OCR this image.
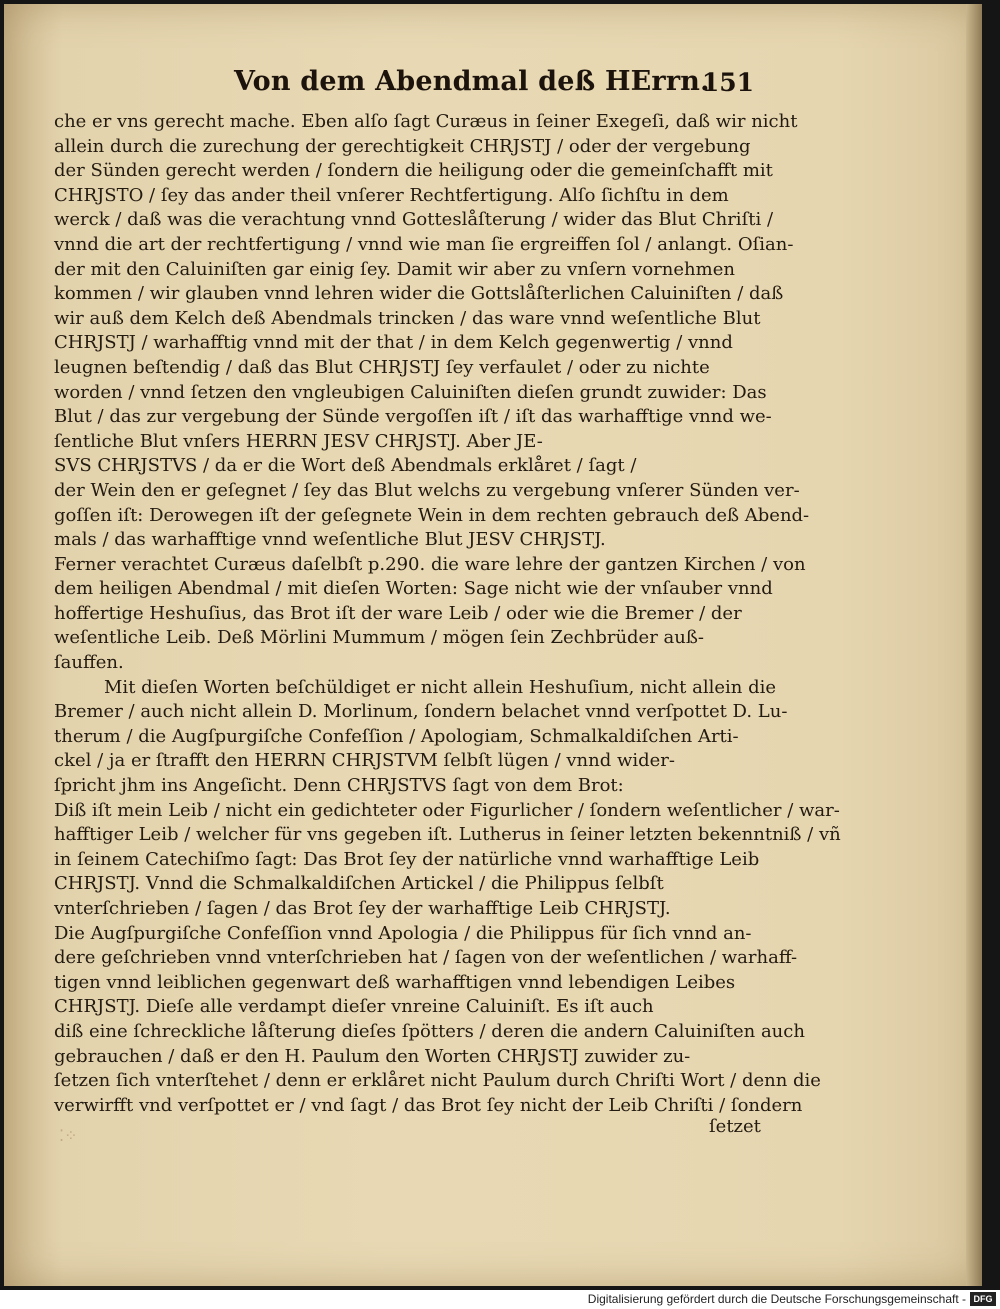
Von dem Abendmal deß HErrn.
151
che er vns gerecht mache. Eben alſo ſagt Curæus in ſeiner Exegeſi, daß wir nicht
allein durch die zurechung der gerechtigkeit CHRJSTJ / oder der vergebung
der Sünden gerecht werden / ſondern die heiligung oder die gemeinſchafft mit
CHRJSTO / ſey das ander theil vnſerer Rechtfertigung. Alſo ſichſtu in dem
werck / daß was die verachtung vnnd Gotteslåſterung / wider das Blut Chriſti /
vnnd die art der rechtfertigung / vnnd wie man ſie ergreiffen ſol / anlangt. Oſian-
der mit den Caluiniſten gar einig ſey. Damit wir aber zu vnſern vornehmen
kommen / wir glauben vnnd lehren wider die Gottslåſterlichen Caluiniſten / daß
wir auß dem Kelch deß Abendmals trincken / das ware vnnd weſentliche Blut
CHRJSTJ / warhafftig vnnd mit der that / in dem Kelch gegenwertig / vnnd
leugnen beſtendig / daß das Blut CHRJSTJ ſey verfaulet / oder zu nichte
worden / vnnd ſetzen den vngleubigen Caluiniſten dieſen grundt zuwider: Das
Blut / das zur vergebung der Sünde vergoſſen iſt / iſt das warhafftige vnnd we-
ſentliche Blut vnſers HERRN JESV CHRJSTJ. Aber JE-
SVS CHRJSTVS / da er die Wort deß Abendmals erklåret / ſagt /
der Wein den er geſegnet / ſey das Blut welchs zu vergebung vnſerer Sünden ver-
goſſen iſt: Derowegen iſt der geſegnete Wein in dem rechten gebrauch deß Abend-
mals / das warhafftige vnnd weſentliche Blut JESV CHRJSTJ.
Ferner verachtet Curæus daſelbſt p.290. die ware lehre der gantzen Kirchen / von
dem heiligen Abendmal / mit dieſen Worten: Sage nicht wie der vnſauber vnnd
hoffertige Heshuſius, das Brot iſt der ware Leib / oder wie die Bremer / der
weſentliche Leib. Deß Mörlini Mummum / mögen ſein Zechbrüder auß-
ſauffen.
Mit dieſen Worten beſchüldiget er nicht allein Heshuſium, nicht allein die
Bremer / auch nicht allein D. Morlinum, ſondern belachet vnnd verſpottet D. Lu-
therum / die Augſpurgiſche Confeſſion / Apologiam, Schmalkaldiſchen Arti-
ckel / ja er ſtrafft den HERRN CHRJSTVM ſelbſt lügen / vnnd wider-
ſpricht jhm ins Angeſicht. Denn CHRJSTVS ſagt von dem Brot:
Diß iſt mein Leib / nicht ein gedichteter oder Figurlicher / ſondern weſentlicher / war-
hafftiger Leib / welcher für vns gegeben iſt. Lutherus in ſeiner letzten bekenntniß / vñ
in ſeinem Catechiſmo ſagt: Das Brot ſey der natürliche vnnd warhafftige Leib
CHRJSTJ. Vnnd die Schmalkaldiſchen Artickel / die Philippus ſelbſt
vnterſchrieben / ſagen / das Brot ſey der warhafftige Leib CHRJSTJ.
Die Augſpurgiſche Confeſſion vnnd Apologia / die Philippus für ſich vnnd an-
dere geſchrieben vnnd vnterſchrieben hat / ſagen von der weſentlichen / warhaff-
tigen vnnd leiblichen gegenwart deß warhafftigen vnnd lebendigen Leibes
CHRJSTJ. Dieſe alle verdampt dieſer vnreine Caluiniſt. Es iſt auch
diß eine ſchreckliche låſterung dieſes ſpötters / deren die andern Caluiniſten auch
gebrauchen / daß er den H. Paulum den Worten CHRJSTJ zuwider zu-
ſetzen ſich vnterſtehet / denn er erklåret nicht Paulum durch Chriſti Wort / denn die
verwirfft vnd verſpottet er / vnd ſagt / das Brot ſey nicht der Leib Chriſti / ſondern
⁚⁘	ſetzet
Digitalisierung gefördert durch die Deutsche Forschungsgemeinschaft - DFG
